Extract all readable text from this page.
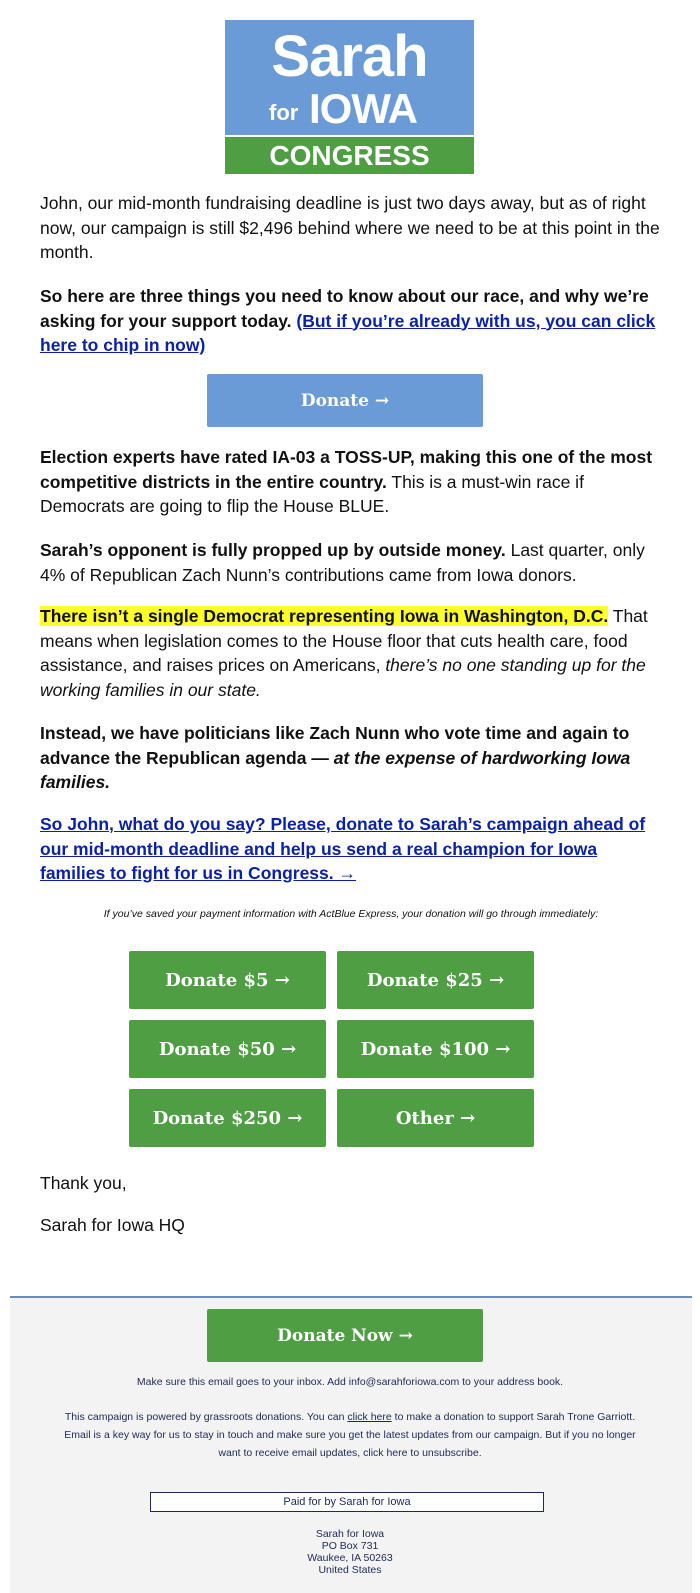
Sarah
for IOWA
CONGRESS

John, our mid-month fundraising deadline is just two days away, but as of right now, our campaign is still $2,496 behind where we need to be at this point in the month.

So here are three things you need to know about our race, and why we’re asking for your support today. (But if you’re already with us, you can click here to chip in now)

Donate →

Election experts have rated IA-03 a TOSS-UP, making this one of the most competitive districts in the entire country. This is a must-win race if Democrats are going to flip the House BLUE.

Sarah’s opponent is fully propped up by outside money. Last quarter, only 4% of Republican Zach Nunn’s contributions came from Iowa donors.

There isn’t a single Democrat representing Iowa in Washington, D.C. That means when legislation comes to the House floor that cuts health care, food assistance, and raises prices on Americans, there’s no one standing up for the working families in our state.

Instead, we have politicians like Zach Nunn who vote time and again to advance the Republican agenda — at the expense of hardworking Iowa families.

So John, what do you say? Please, donate to Sarah’s campaign ahead of our mid-month deadline and help us send a real champion for Iowa families to fight for us in Congress. →

If you’ve saved your payment information with ActBlue Express, your donation will go through immediately:
Donate $5 →	Donate $25 →
Donate $50 →	Donate $100 →
Donate $250 →	Other →

Thank you,

Sarah for Iowa HQ

Donate Now →
Make sure this email goes to your inbox. Add info@sarahforiowa.com to your address book.
This campaign is powered by grassroots donations. You can click here to make a donation to support Sarah Trone Garriott.
Email is a key way for us to stay in touch and make sure you get the latest updates from our campaign. But if you no longer
want to receive email updates, click here to unsubscribe.
Paid for by Sarah for Iowa
Sarah for Iowa
PO Box 731
Waukee, IA 50263
United States
